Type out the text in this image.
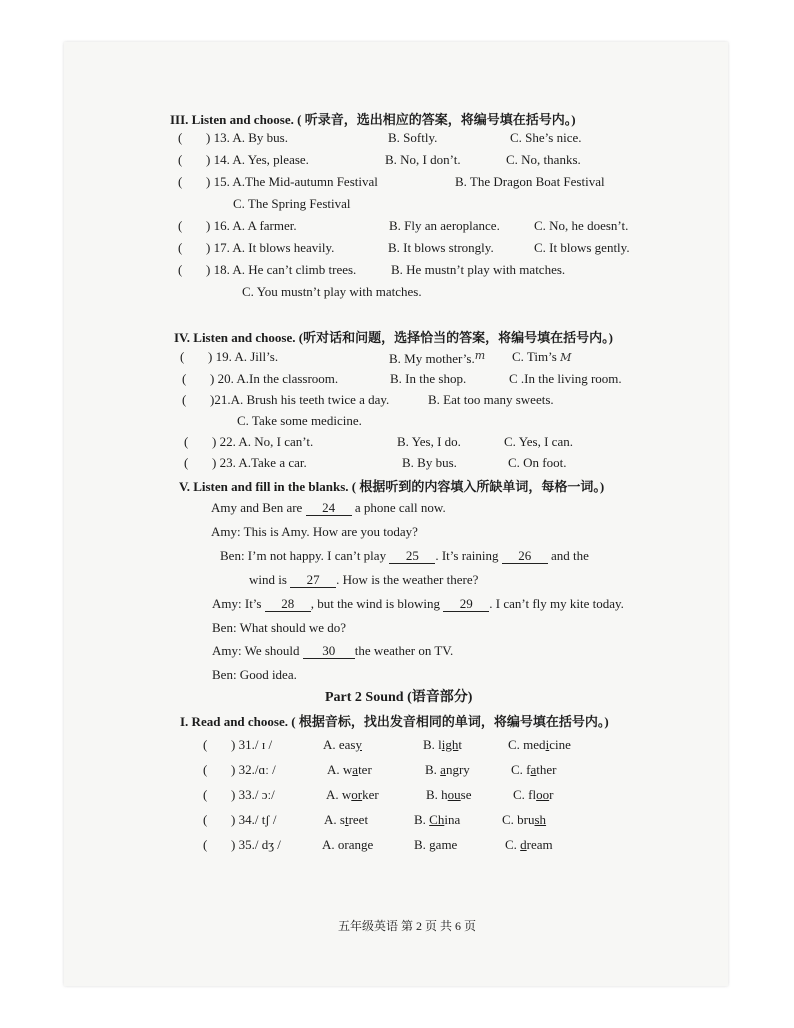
III. Listen and choose. ( 听录音，选出相应的答案，将编号填在括号内。)
( ) 13. A. By bus.	B. Softly.	C. She’s nice.
( ) 14. A. Yes, please.	B. No, I don’t.	C. No, thanks.
( ) 15. A.The Mid-autumn Festival	B. The Dragon Boat Festival
C. The Spring Festival
( ) 16. A. A farmer.	B. Fly an aeroplance.	C. No, he doesn’t.
( ) 17. A. It blows heavily.	B. It blows strongly.	C. It blows gently.
( ) 18. A. He can’t climb trees.	B. He mustn’t play with matches.
C. You mustn’t play with matches.
IV. Listen and choose. (听对话和问题，选择恰当的答案，将编号填在括号内。)
( ) 19. A. Jill’s.	B. My mother’s.$^m$ C. Tim’s M
( ) 20. A.In the classroom.	B. In the shop.	C .In the living room.
( )21.A. Brush his teeth twice a day.	B. Eat too many sweets.
C. Take some medicine.
( ) 22. A. No, I can’t.	B. Yes, I do.	C. Yes, I can.
( ) 23. A.Take a car.	B. By bus.	C. On foot.
V. Listen and fill in the blanks. ( 根据听到的内容填入所缺单词，每格一词。)
Amy and Ben are 24 a phone call now.
Amy: This is Amy. How are you today?
Ben: I’m not happy. I can’t play 25 . It’s raining 26 and the
wind is 27 . How is the weather there?
Amy: It’s 28 , but the wind is blowing 29 . I can’t fly my kite today.
Ben: What should we do?
Amy: We should 30 the weather on TV.
Ben: Good idea.
Part 2 Sound (语音部分)
I. Read and choose. ( 根据音标，找出发音相同的单词，将编号填在括号内。)
( ) 31./ ɪ /	A. easy	B. light	C. medicine
( ) 32./ɑː /	A. water	B. angry	C. father
( ) 33./ ɔː/	A. worker	B. house	C. floor
( ) 34./ tʃ /	A. street	B. China	C. brush
( ) 35./ dʒ /	A. orange	B. game	C. dream
五年级英语 第 2 页 共 6 页
